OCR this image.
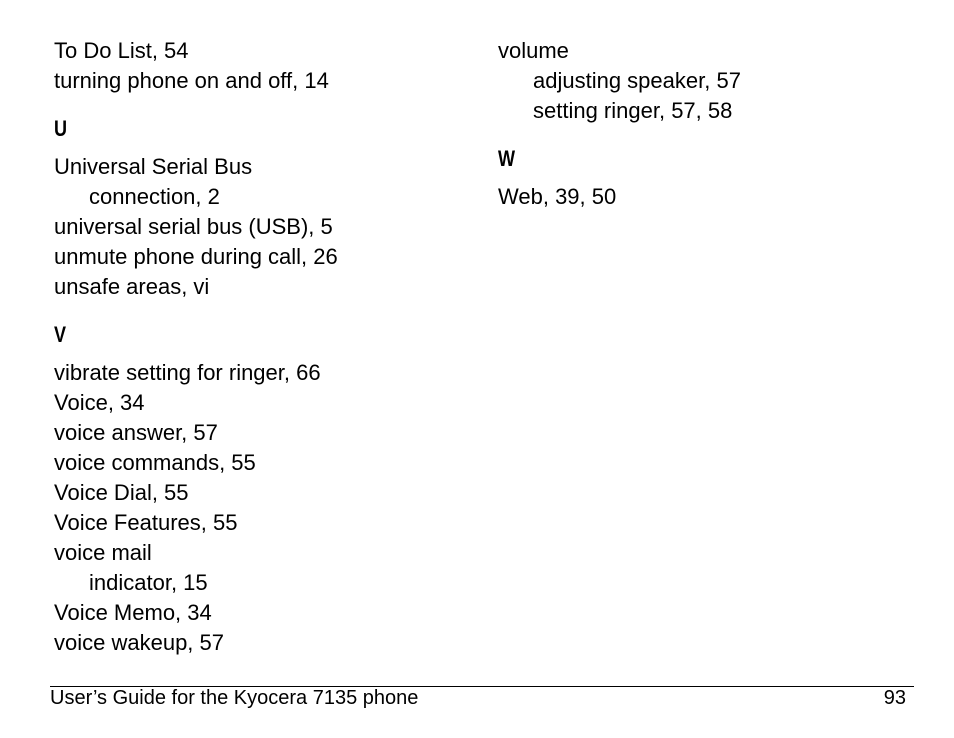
To Do List, 54
turning phone on and off, 14
U
Universal Serial Bus
connection, 2
universal serial bus (USB), 5
unmute phone during call, 26
unsafe areas, vi
V
vibrate setting for ringer, 66
Voice, 34
voice answer, 57
voice commands, 55
Voice Dial, 55
Voice Features, 55
voice mail
indicator, 15
Voice Memo, 34
voice wakeup, 57
volume
adjusting speaker, 57
setting ringer, 57, 58
W
Web, 39, 50
User’s Guide for the Kyocera 7135 phone	93
